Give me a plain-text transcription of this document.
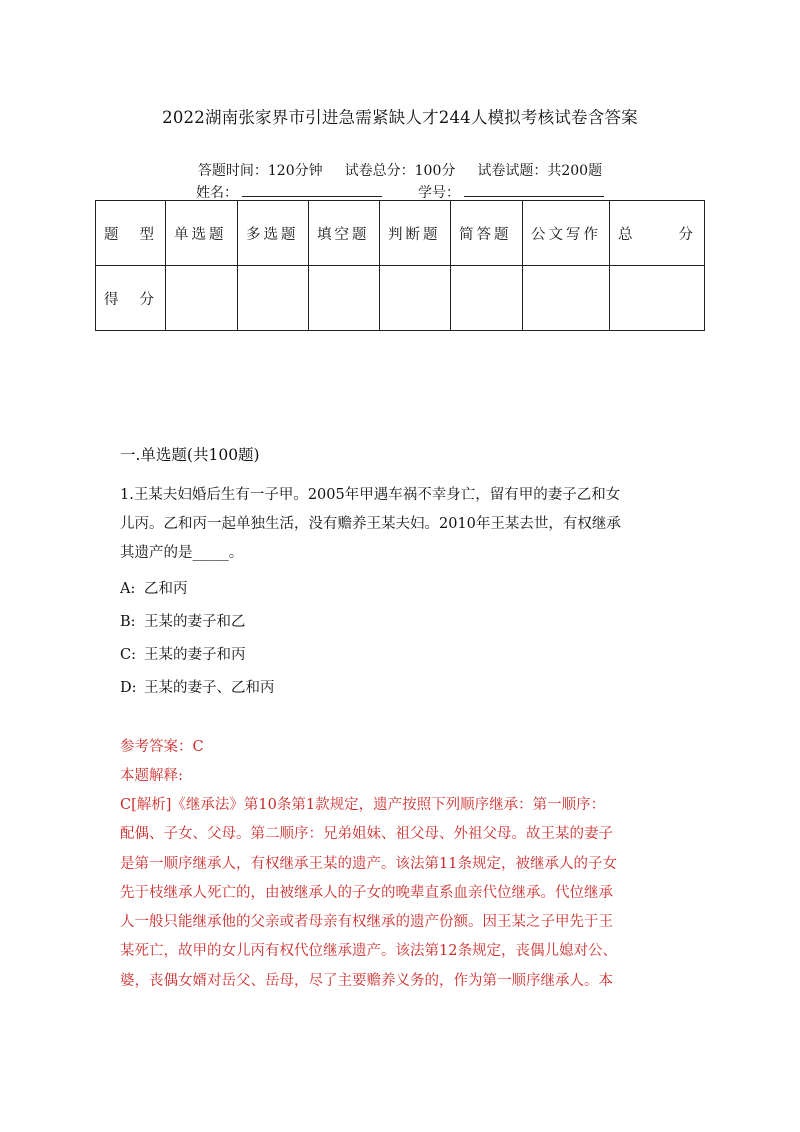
2022湖南张家界市引进急需紧缺人才244人模拟考核试卷含答案
答题时间：120分钟 试卷总分：100分 试卷试题：共200题
姓名：	学号：
题 型	单选题	多选题	填空题	判断题	简答题	公文写作	总 分
得 分							
一.单选题(共100题)
1.王某夫妇婚后生有一子甲。2005年甲遇车祸不幸身亡，留有甲的妻子乙和女
儿丙。乙和丙一起单独生活，没有赡养王某夫妇。2010年王某去世，有权继承
其遗产的是_____。
A: 乙和丙
B: 王某的妻子和乙
C: 王某的妻子和丙
D: 王某的妻子、乙和丙
参考答案：C
本题解释:
C[解析]《继承法》第10条第1款规定，遗产按照下列顺序继承：第一顺序：
配偶、子女、父母。第二顺序：兄弟姐妹、祖父母、外祖父母。故王某的妻子
是第一顺序继承人，有权继承王某的遗产。该法第11条规定，被继承人的子女
先于枝继承人死亡的，由被继承人的子女的晚辈直系血亲代位继承。代位继承
人一般只能继承他的父亲或者母亲有权继承的遗产份额。因王某之子甲先于王
某死亡，故甲的女儿丙有权代位继承遗产。该法第12条规定，丧偶儿媳对公、
婆，丧偶女婿对岳父、岳母，尽了主要赡养义务的，作为第一顺序继承人。本
